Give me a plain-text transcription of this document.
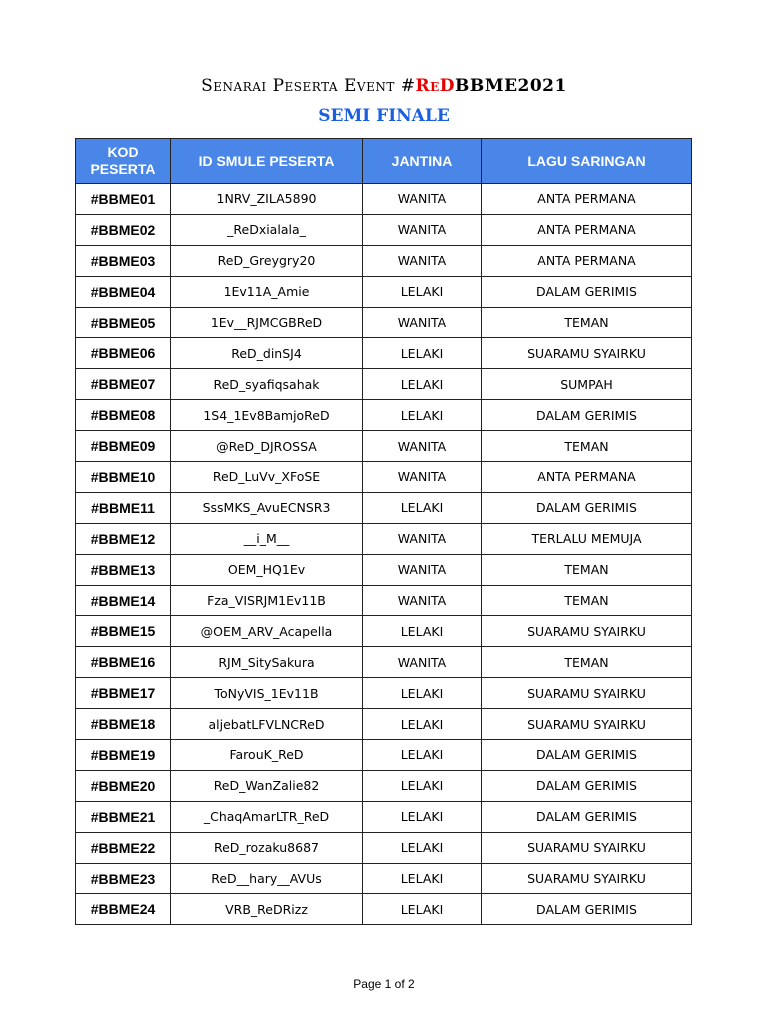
Senarai Peserta Event #ReDBBME2021
SEMI FINALE
KOD
PESERTA	ID SMULE PESERTA	JANTINA	LAGU SARINGAN
#BBME01	1NRV_ZILA5890	WANITA	ANTA PERMANA
#BBME02	_ReDxialala_	WANITA	ANTA PERMANA
#BBME03	ReD_Greygry20	WANITA	ANTA PERMANA
#BBME04	1Ev11A_Amie	LELAKI	DALAM GERIMIS
#BBME05	1Ev__RJMCGBReD	WANITA	TEMAN
#BBME06	ReD_dinSJ4	LELAKI	SUARAMU SYAIRKU
#BBME07	ReD_syafiqsahak	LELAKI	SUMPAH
#BBME08	1S4_1Ev8BamjoReD	LELAKI	DALAM GERIMIS
#BBME09	@ReD_DJROSSA	WANITA	TEMAN
#BBME10	ReD_LuVv_XFoSE	WANITA	ANTA PERMANA
#BBME11	SssMKS_AvuECNSR3	LELAKI	DALAM GERIMIS
#BBME12	__i_M__	WANITA	TERLALU MEMUJA
#BBME13	OEM_HQ1Ev	WANITA	TEMAN
#BBME14	Fza_VISRJM1Ev11B	WANITA	TEMAN
#BBME15	@OEM_ARV_Acapella	LELAKI	SUARAMU SYAIRKU
#BBME16	RJM_SitySakura	WANITA	TEMAN
#BBME17	ToNyVIS_1Ev11B	LELAKI	SUARAMU SYAIRKU
#BBME18	aljebatLFVLNCReD	LELAKI	SUARAMU SYAIRKU
#BBME19	FarouK_ReD	LELAKI	DALAM GERIMIS
#BBME20	ReD_WanZalie82	LELAKI	DALAM GERIMIS
#BBME21	_ChaqAmarLTR_ReD	LELAKI	DALAM GERIMIS
#BBME22	ReD_rozaku8687	LELAKI	SUARAMU SYAIRKU
#BBME23	ReD__hary__AVUs	LELAKI	SUARAMU SYAIRKU
#BBME24	VRB_ReDRizz	LELAKI	DALAM GERIMIS
Page 1 of 2
